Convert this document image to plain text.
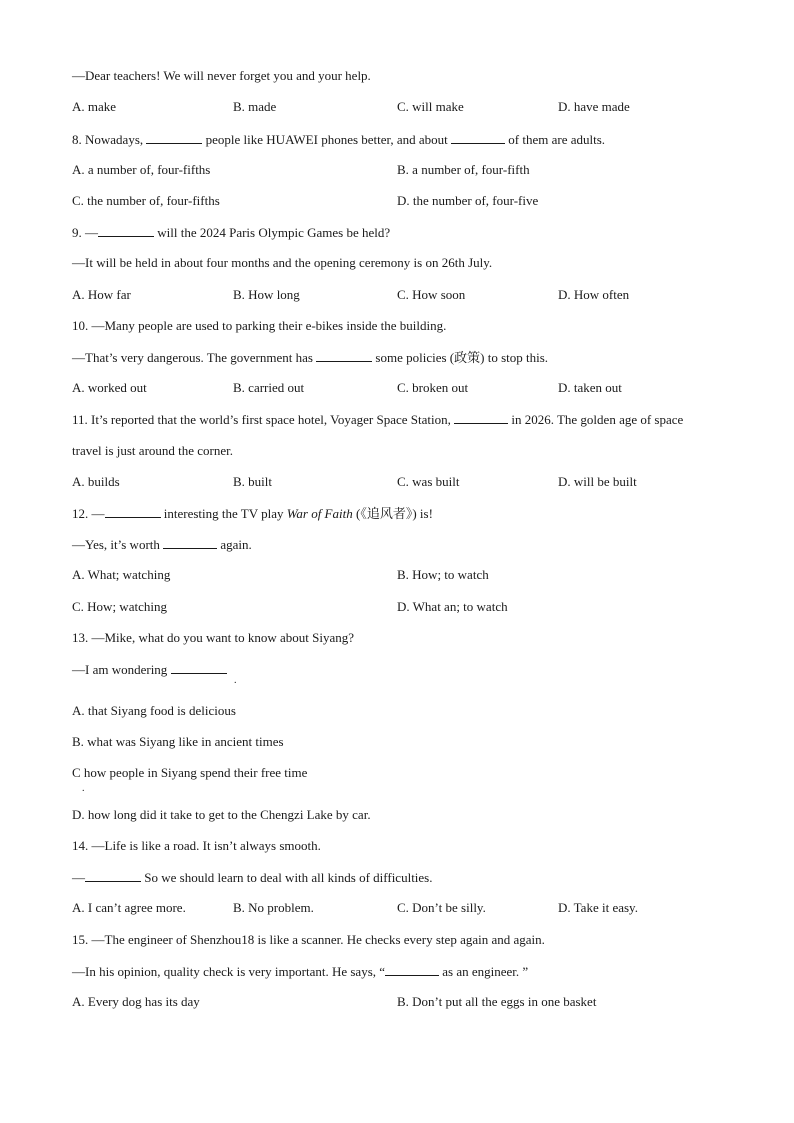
—Dear teachers! We will never forget you and your help.
A. make	B. made	C. will make	D. have made
8. Nowadays,	people like HUAWEI phones better, and about	of them are adults.
A. a number of, four-fifths	B. a number of, four-fifth
C. the number of, four-fifths	D. the number of, four-five
9. —	will the 2024 Paris Olympic Games be held?
—It will be held in about four months and the opening ceremony is on 26th July.
A. How far	B. How long	C. How soon	D. How often
10. —Many people are used to parking their e-bikes inside the building.
—That’s very dangerous. The government has	some policies (政策) to stop this.
A. worked out	B. carried out	C. broken out	D. taken out
11. It’s reported that the world’s first space hotel, Voyager Space Station,	in 2026. The golden age of space
travel is just around the corner.
A. builds	B. built	C. was built	D. will be built
12. —	interesting the TV play War of Faith (《追风者》) is!
—Yes, it’s worth	again.
A. What; watching	B. How; to watch
C. How; watching	D. What an; to watch
13. —Mike, what do you want to know about Siyang?
—I am wondering
.
A. that Siyang food is delicious
B. what was Siyang like in ancient times
C how people in Siyang spend their free time
.
D. how long did it take to get to the Chengzi Lake by car.
14. —Life is like a road. It isn’t always smooth.
—	So we should learn to deal with all kinds of difficulties.
A. I can’t agree more.	B. No problem.	C. Don’t be silly.	D. Take it easy.
15. —The engineer of Shenzhou18 is like a scanner. He checks every step again and again.
—In his opinion, quality check is very important. He says, “	as an engineer. ”
A. Every dog has its day	B. Don’t put all the eggs in one basket
